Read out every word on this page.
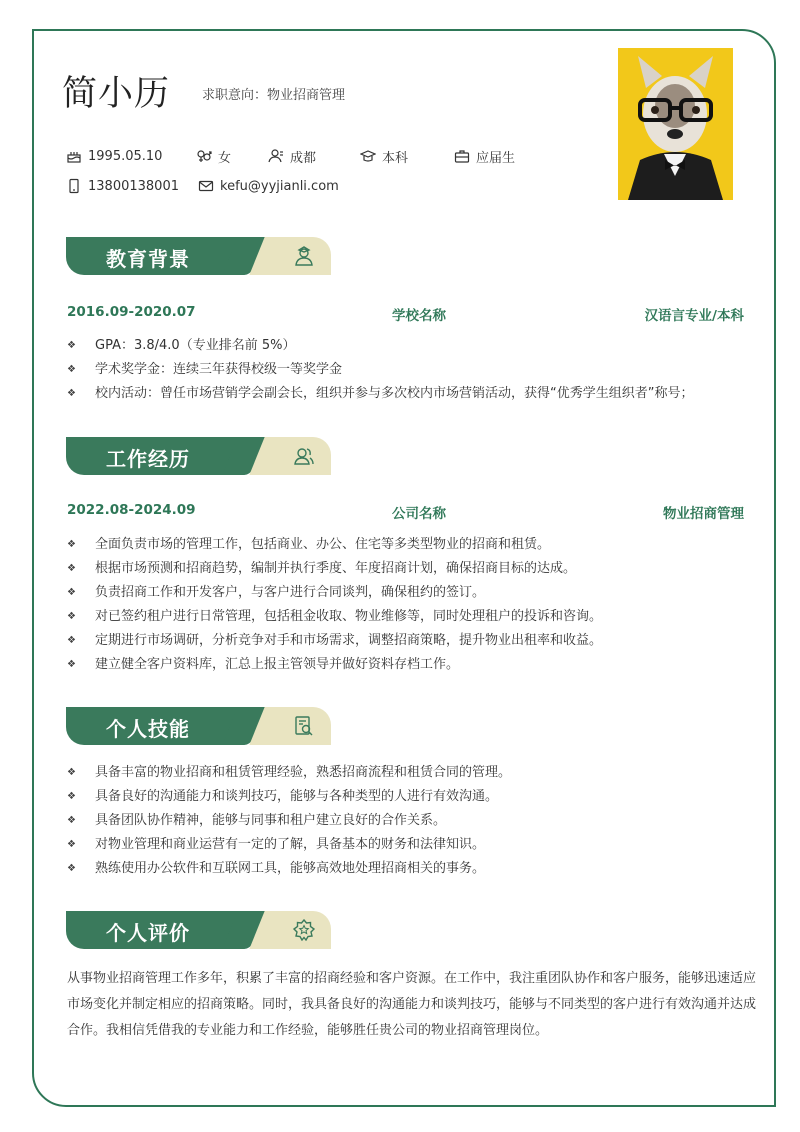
简小历 求职意向：物业招商管理
1995.05.10	女	成都	本科	应届生
13800138001	kefu@yyjianli.com
教育背景
2016.09-2020.07	学校名称	汉语言专业/本科
❖ GPA：3.8/4.0（专业排名前 5%）
❖ 学术奖学金：连续三年获得校级一等奖学金
❖ 校内活动：曾任市场营销学会副会长，组织并参与多次校内市场营销活动，获得“优秀学生组织者”称号；
工作经历
2022.08-2024.09	公司名称	物业招商管理
❖ 全面负责市场的管理工作，包括商业、办公、住宅等多类型物业的招商和租赁。
❖ 根据市场预测和招商趋势，编制并执行季度、年度招商计划，确保招商目标的达成。
❖ 负责招商工作和开发客户，与客户进行合同谈判，确保租约的签订。
❖ 对已签约租户进行日常管理，包括租金收取、物业维修等，同时处理租户的投诉和咨询。
❖ 定期进行市场调研，分析竞争对手和市场需求，调整招商策略，提升物业出租率和收益。
❖ 建立健全客户资料库，汇总上报主管领导并做好资料存档工作。
个人技能
❖ 具备丰富的物业招商和租赁管理经验，熟悉招商流程和租赁合同的管理。
❖ 具备良好的沟通能力和谈判技巧，能够与各种类型的人进行有效沟通。
❖ 具备团队协作精神，能够与同事和租户建立良好的合作关系。
❖ 对物业管理和商业运营有一定的了解，具备基本的财务和法律知识。
❖ 熟练使用办公软件和互联网工具，能够高效地处理招商相关的事务。
个人评价

从事物业招商管理工作多年，积累了丰富的招商经验和客户资源。在工作中，我注重团队协作和客户服务，能够迅速适应市场变化并制定相应的招商策略。同时，我具备良好的沟通能力和谈判技巧，能够与不同类型的客户进行有效沟通并达成合作。我相信凭借我的专业能力和工作经验，能够胜任贵公司的物业招商管理岗位。
